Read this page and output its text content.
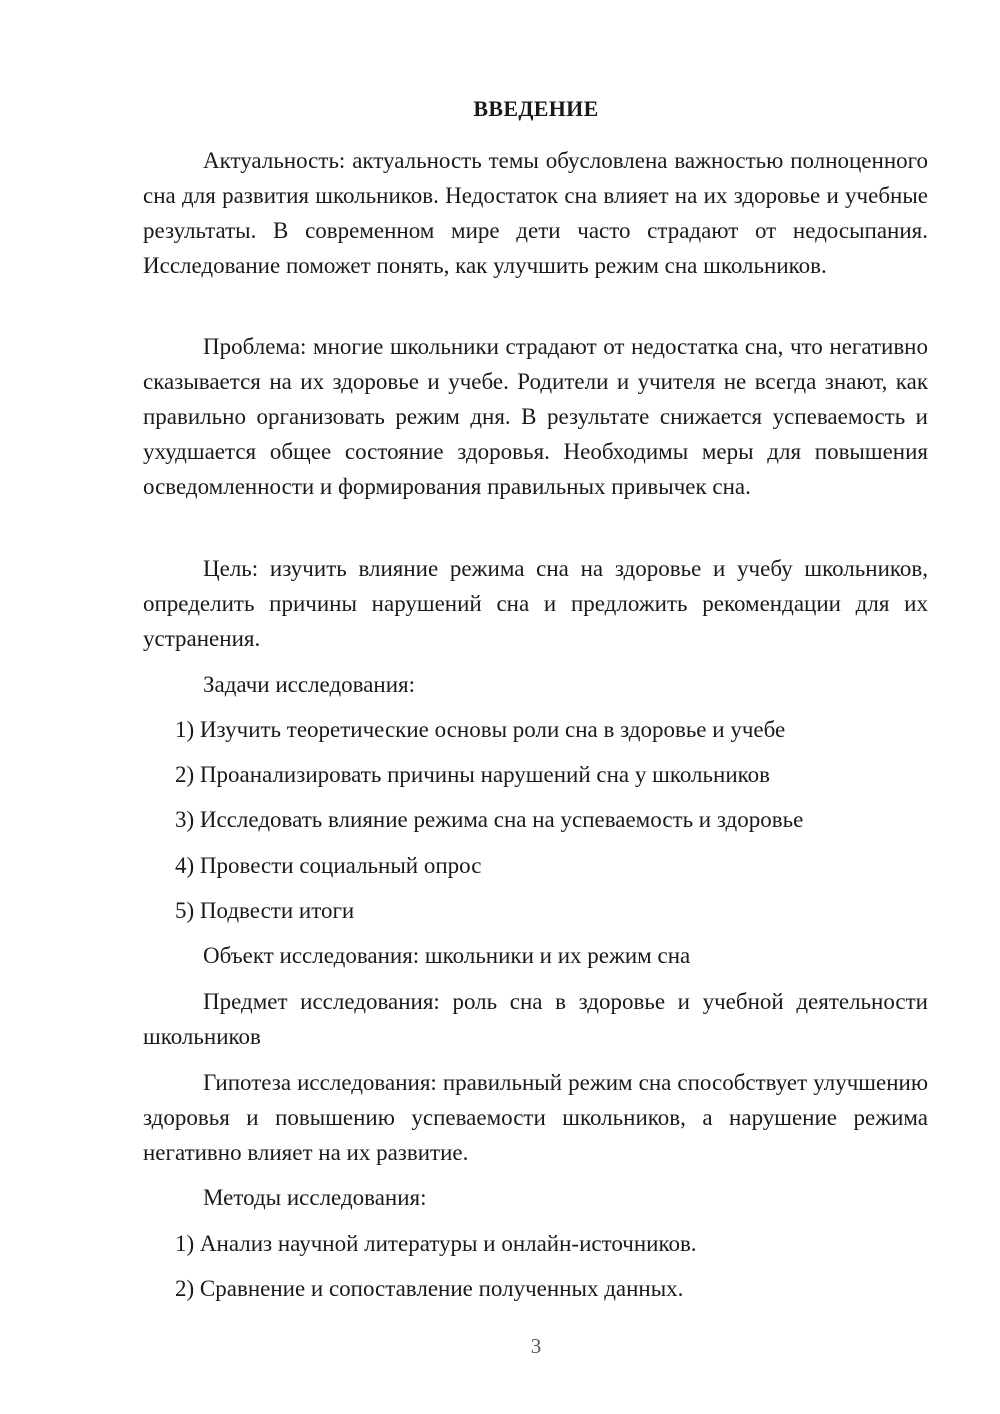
ВВЕДЕНИЕ

Актуальность: актуальность темы обусловлена важностью полноценного сна для развития школьников. Недостаток сна влияет на их здоровье и учебные результаты. В современном мире дети часто страдают от недосыпания. Исследование поможет понять, как улучшить режим сна школьников.

Проблема: многие школьники страдают от недостатка сна, что негативно сказывается на их здоровье и учебе. Родители и учителя не всегда знают, как правильно организовать режим дня. В результате снижается успеваемость и ухудшается общее состояние здоровья. Необходимы меры для повышения осведомленности и формирования правильных привычек сна.

Цель: изучить влияние режима сна на здоровье и учебу школьников, определить причины нарушений сна и предложить рекомендации для их устранения.

Задачи исследования:
1) Изучить теоретические основы роли сна в здоровье и учебе
2) Проанализировать причины нарушений сна у школьников
3) Исследовать влияние режима сна на успеваемость и здоровье
4) Провести социальный опрос
5) Подвести итоги
Объект исследования: школьники и их режим сна

Предмет исследования: роль сна в здоровье и учебной деятельности школьников

Гипотеза исследования: правильный режим сна способствует улучшению здоровья и повышению успеваемости школьников, а нарушение режима негативно влияет на их развитие.

Методы исследования:
1) Анализ научной литературы и онлайн-источников.
2) Сравнение и сопоставление полученных данных.
3
